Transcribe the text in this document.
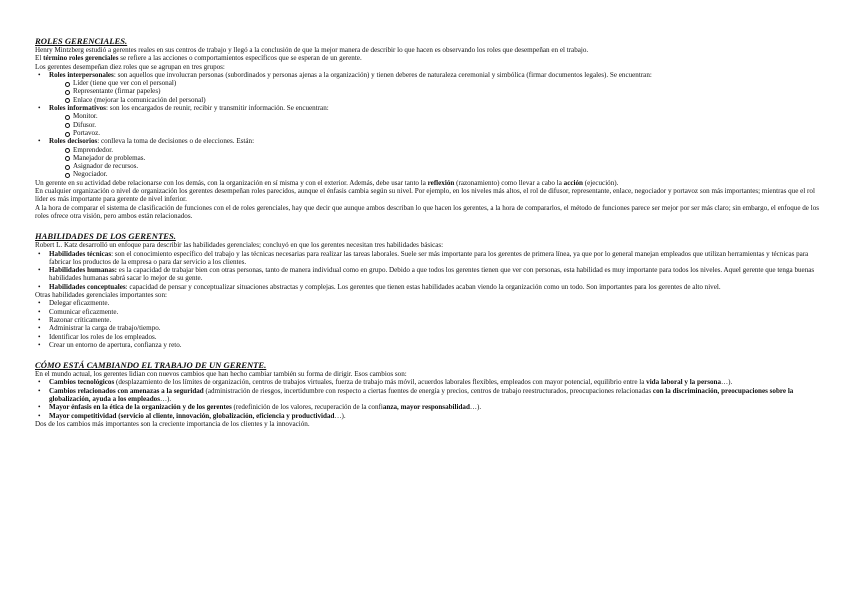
ROLES GERENCIALES.

Henry Mintzberg estudió a gerentes reales en sus centros de trabajo y llegó a la conclusión de que la mejor manera de describir lo que hacen es observando los roles que desempeñan en el trabajo.

El término roles gerenciales se refiere a las acciones o comportamientos específicos que se esperan de un gerente.

Los gerentes desempeñan diez roles que se agrupan en tres grupos:

• Roles interpersonales: son aquellos que involucran personas (subordinados y personas ajenas a la organización) y tienen deberes de naturaleza ceremonial y simbólica (firmar documentos legales). Se encuentran:
Líder (tiene que ver con el personal)
Representante (firmar papeles)
Enlace (mejorar la comunicación del personal)
• Roles informativos: son los encargados de reunir, recibir y transmitir información. Se encuentran:
Monitor.
Difusor.
Portavoz.
• Roles decisorios: conlleva la toma de decisiones o de elecciones. Están:
Emprendedor.
Manejador de problemas.
Asignador de recursos.
Negociador.

Un gerente en su actividad debe relacionarse con los demás, con la organización en sí misma y con el exterior. Además, debe usar tanto la reflexión (razonamiento) como llevar a cabo la acción (ejecución).

En cualquier organización o nivel de organización los gerentes desempeñan roles parecidos, aunque el énfasis cambia según su nivel. Por ejemplo, en los niveles más altos, el rol de difusor, representante, enlace, negociador y portavoz son más importantes; mientras que el rol líder es más importante para gerente de nivel inferior.

A la hora de comparar el sistema de clasificación de funciones con el de roles gerenciales, hay que decir que aunque ambos describan lo que hacen los gerentes, a la hora de compararlos, el método de funciones parece ser mejor por ser más claro; sin embargo, el enfoque de los roles ofrece otra visión, pero ambos están relacionados.

HABILIDADES DE LOS GERENTES.

Robert L. Katz desarrolló un enfoque para describir las habilidades gerenciales; concluyó en que los gerentes necesitan tres habilidades básicas:

• Habilidades técnicas: son el conocimiento específico del trabajo y las técnicas necesarias para realizar las tareas laborales. Suele ser más importante para los gerentes de primera línea, ya que por lo general manejan empleados que utilizan herramientas y técnicas para fabricar los productos de la empresa o para dar servicio a los clientes.
• Habilidades humanas: es la capacidad de trabajar bien con otras personas, tanto de manera individual como en grupo. Debido a que todos los gerentes tienen que ver con personas, esta habilidad es muy importante para todos los niveles. Aquel gerente que tenga buenas habilidades humanas sabrá sacar lo mejor de su gente.
• Habilidades conceptuales: capacidad de pensar y conceptualizar situaciones abstractas y complejas. Los gerentes que tienen estas habilidades acaban viendo la organización como un todo. Son importantes para los gerentes de alto nivel.

Otras habilidades gerenciales importantes son:

• Delegar eficazmente.
• Comunicar eficazmente.
• Razonar críticamente.
• Administrar la carga de trabajo/tiempo.
• Identificar los roles de los empleados.
• Crear un entorno de apertura, confianza y reto.
CÓMO ESTÁ CAMBIANDO EL TRABAJO DE UN GERENTE.

En el mundo actual, los gerentes lidian con nuevos cambios que han hecho cambiar también su forma de dirigir. Esos cambios son:

• Cambios tecnológicos (desplazamiento de los límites de organización, centros de trabajos virtuales, fuerza de trabajo más móvil, acuerdos laborales flexibles, empleados con mayor potencial, equilibrio entre la vida laboral y la persona…).
• Cambios relacionados con amenazas a la seguridad (administración de riesgos, incertidumbre con respecto a ciertas fuentes de energía y precios, centros de trabajo reestructurados, preocupaciones relacionadas con la discriminación, preocupaciones sobre la globalización, ayuda a los empleados…).
• Mayor énfasis en la ética de la organización y de los gerentes (redefinición de los valores, recuperación de la confianza, mayor responsabilidad…).
• Mayor competitividad (servicio al cliente, innovación, globalización, eficiencia y productividad…).

Dos de los cambios más importantes son la creciente importancia de los clientes y la innovación.
